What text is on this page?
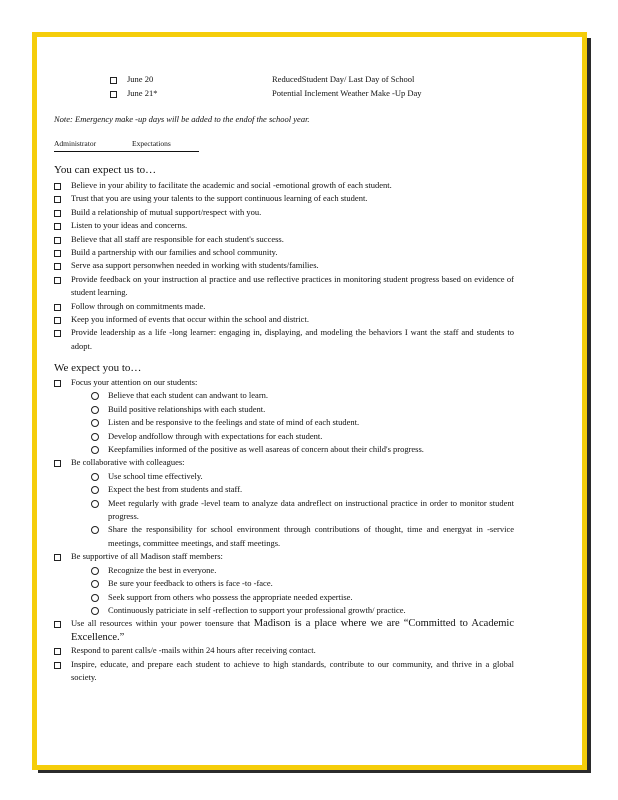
June 20	ReducedStudent Day/ Last Day of School
June 21*	Potential Inclement Weather Make -Up Day
Note: Emergency make -up days will be added to the endof the school year.
Administrator	Expectations
You can expect us to…
Believe in your ability to facilitate the academic and social -emotional growth of each student.
Trust that you are using your talents to the support continuous learning of each student.
Build a relationship of mutual support/respect with you.
Listen to your ideas and concerns.
Believe that all staff are responsible for each student's success.
Build a partnership with our families and school community.
Serve asa support personwhen needed in working with students/families.
Provide feedback on your instruction al practice and use reflective practices in monitoring student progress based on evidence of student learning.
Follow through on commitments made.
Keep you informed of events that occur within the school and district.
Provide leadership as a life -long learner: engaging in, displaying, and modeling the behaviors I want the staff and students to adopt.
We expect you to…
Focus your attention on our students:
Believe that each student can andwant to learn.
Build positive relationships with each student.
Listen and be responsive to the feelings and state of mind of each student.
Develop andfollow through with expectations for each student.
Keepfamilies informed of the positive as well asareas of concern about their child's progress.
Be collaborative with colleagues:
Use school time effectively.
Expect the best from students and staff.
Meet regularly with grade -level team to analyze data andreflect on instructional practice in order to monitor student progress.
Share the responsibility for school environment through contributions of thought, time and energyat in -service meetings, committee meetings, and staff meetings.
Be supportive of all Madison staff members:
Recognize the best in everyone.
Be sure your feedback to others is face -to -face.
Seek support from others who possess the appropriate needed expertise.
Continuously patriciate in self -reflection to support your professional growth/ practice.
Use all resources within your power toensure that Madison is a place where we are “Committed to Academic Excellence.”
Respond to parent calls/e -mails within 24 hours after receiving contact.
Inspire, educate, and prepare each student to achieve to high standards, contribute to our community, and thrive in a global society.
